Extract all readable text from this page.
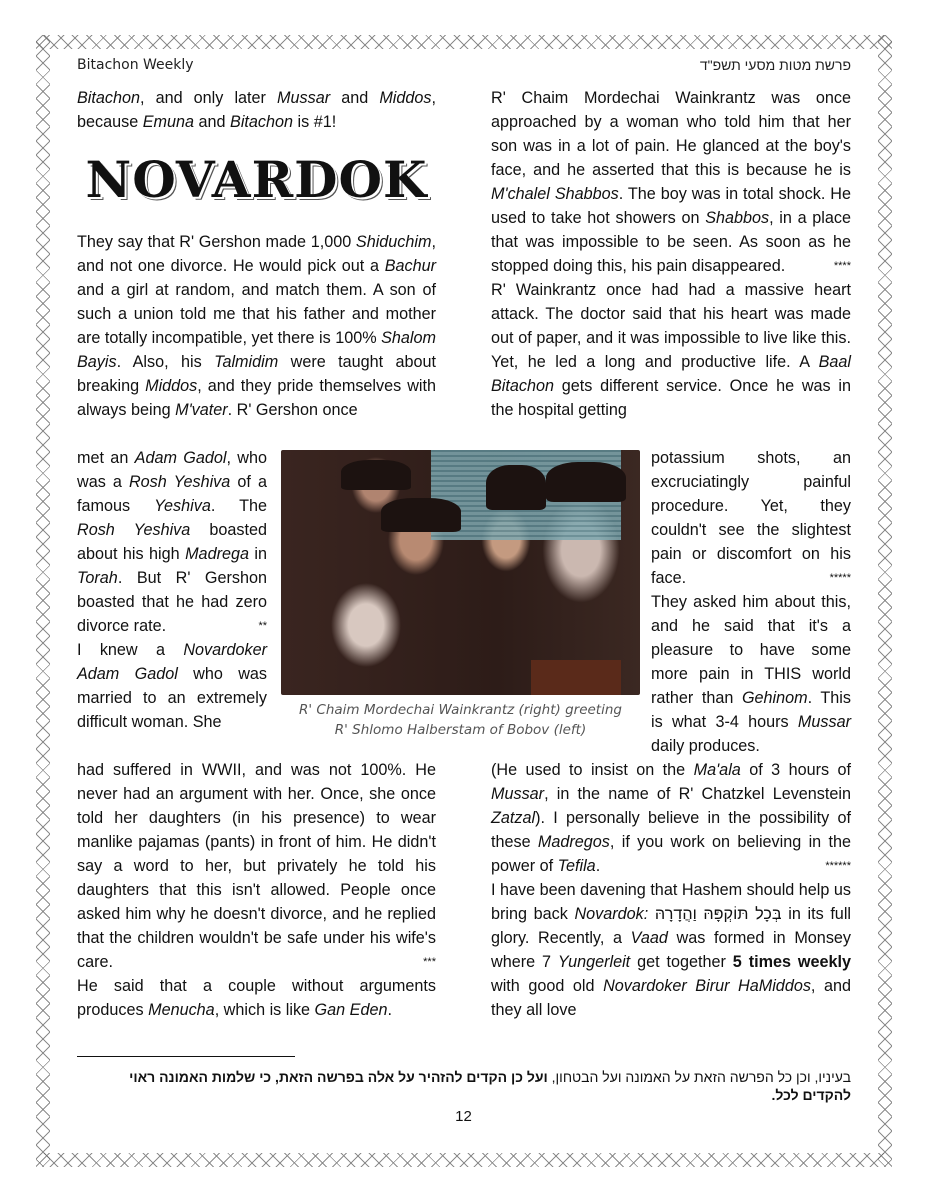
Bitachon Weekly	פרשת מטות מסעי תשפ"ד
Bitachon, and only later Mussar and Middos, because Emuna and Bitachon is #1!
NOVARDOK
They say that R' Gershon made 1,000 Shiduchim, and not one divorce. He would pick out a Bachur and a girl at random, and match them. A son of such a union told me that his father and mother are totally incompatible, yet there is 100% Shalom Bayis. Also, his Talmidim were taught about breaking Middos, and they pride themselves with always being M'vater. R' Gershon once
met an Adam Gadol, who was a Rosh Yeshiva of a famous Yeshiva. The Rosh Yeshiva boasted about his high Madrega in Torah. But R' Gershon boasted that he had zero divorce rate.	**

I knew a Novardoker Adam Gadol who was married to an extremely difficult woman. She
R' Chaim Mordechai Wainkrantz (right) greeting
R' Shlomo Halberstam of Bobov (left)
had suffered in WWII, and was not 100%. He never had an argument with her. Once, she once told her daughters (in his presence) to wear manlike pajamas (pants) in front of him. He didn't say a word to her, but privately he told his daughters that this isn't allowed. People once asked him why he doesn't divorce, and he replied that the children wouldn't be safe under his wife's care.	***

He said that a couple without arguments produces Menucha, which is like Gan Eden.
R' Chaim Mordechai Wainkrantz was once approached by a woman who told him that her son was in a lot of pain. He glanced at the boy's face, and he asserted that this is because he is M'chalel Shabbos. The boy was in total shock. He used to take hot showers on Shabbos, in a place that was impossible to be seen. As soon as he stopped doing this, his pain disappeared.	****

R' Wainkrantz once had had a massive heart attack. The doctor said that his heart was made out of paper, and it was impossible to live like this. Yet, he led a long and productive life. A Baal Bitachon gets different service. Once he was in the hospital getting
potassium shots, an excruciatingly painful procedure. Yet, they couldn't see the slightest pain or discomfort on his face.	*****

They asked him about this, and he said that it's a pleasure to have some more pain in THIS world rather than Gehinom. This is what 3-4 hours Mussar daily produces.
(He used to insist on the Ma'ala of 3 hours of Mussar, in the name of R' Chatzkel Levenstein Zatzal). I personally believe in the possibility of these Madregos, if you work on believing in the power of Tefila.	******

I have been davening that Hashem should help us bring back Novardok: בְּכָל תּוֹקְפָּהּ וַהֲדָרָהּ in its full glory. Recently, a Vaad was formed in Monsey where 7 Yungerleit get together 5 times weekly with good old Novardoker Birur HaMiddos, and they all love
בעיניו, וכן כל הפרשה הזאת על האמונה ועל הבטחון, ועל כן הקדים להזהיר על אלה בפרשה הזאת, כי שלמות האמונה ראוי להקדים לכל.
12
